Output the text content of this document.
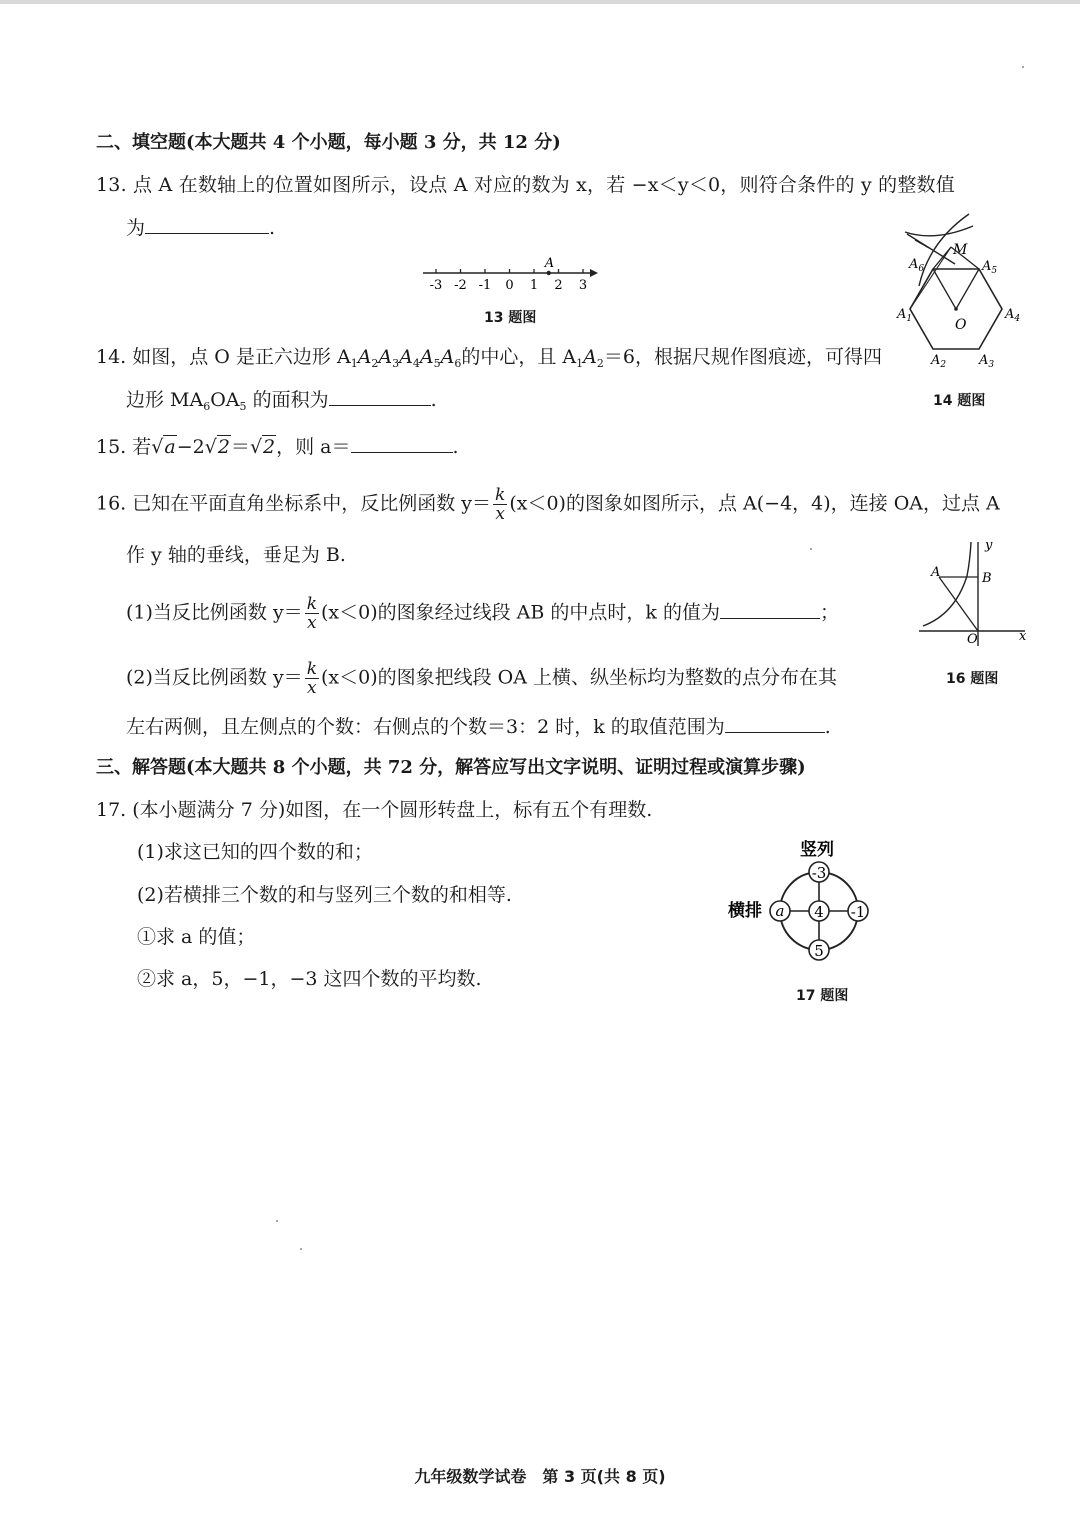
二、填空题(本大题共 4 个小题，每小题 3 分，共 12 分)
13. 点 A 在数轴上的位置如图所示，设点 A 对应的数为 x，若 −x＜y＜0，则符合条件的 y 的整数值
为	.
-3 -2 -1 0 1 2 3
A
13 题图
M
O
$A_6$	$A_5$
$A_1$	$A_4$
$A_2$	$A_3$
14 题图
14. 如图，点 O 是正六边形 $A_1A_2A_3A_4A_5A_6$的中心，且 $A_1A_2=6$，根据尺规作图痕迹，可得四
边形 $MA_6OA_5$ 的面积为	.
15. 若√a−2√2＝√2，则 a＝	.
16. 已知在平面直角坐标系中，反比例函数 $y= \frac{k}{x} (x<0)$的图象如图所示，点 A(−4，4)，连接 OA，过点 A
作 y 轴的垂线，垂足为 B.
(1)当反比例函数 $y= \frac{k}{x} (x<0)$的图象经过线段 AB 的中点时，k 的值为	；
(2)当反比例函数 $y= \frac{k}{x} (x<0)$的图象把线段 OA 上横、纵坐标均为整数的点分布在其
左右两侧，且左侧点的个数：右侧点的个数＝3：2 时，k 的取值范围为	.
y
x
A	B
O
16 题图
三、解答题(本大题共 8 个小题，共 72 分，解答应写出文字说明、证明过程或演算步骤)
17. (本小题满分 7 分)如图，在一个圆形转盘上，标有五个有理数.
(1)求这已知的四个数的和；
(2)若横排三个数的和与竖列三个数的和相等.
①求 a 的值；
②求 a，5，−1，−3 这四个数的平均数.
竖列
横排
-3
a 4 -1
5
17 题图
九年级数学试卷　第 3 页(共 8 页)
